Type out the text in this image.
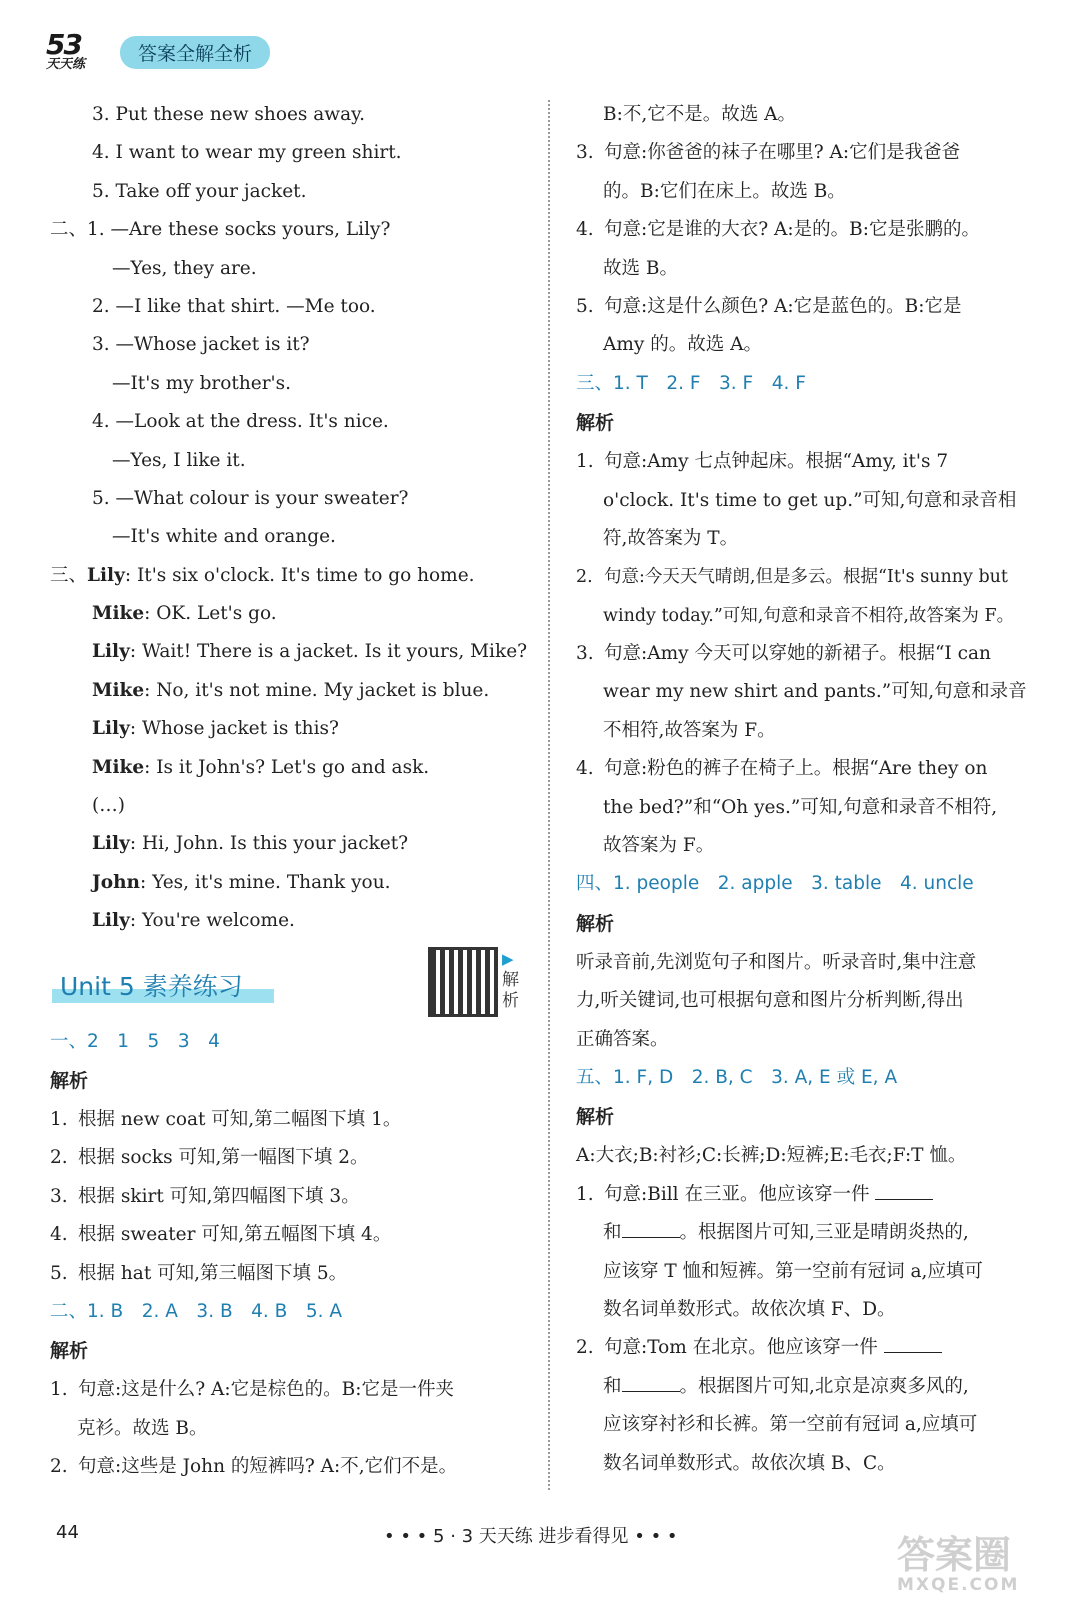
53
天天练	答案全解全析
3. Put these new shoes away.
4. I want to wear my green shirt.
5. Take off your jacket.
二、1. —Are these socks yours, Lily?
—Yes, they are.
2. —I like that shirt. —Me too.
3. —Whose jacket is it?
—It's my brother's.
4. —Look at the dress. It's nice.
—Yes, I like it.
5. —What colour is your sweater?
—It's white and orange.
三、Lily: It's six o'clock. It's time to go home.
Mike: OK. Let's go.
Lily: Wait! There is a jacket. Is it yours, Mike?
Mike: No, it's not mine. My jacket is blue.
Lily: Whose jacket is this?
Mike: Is it John's? Let's go and ask.
(…)
Lily: Hi, John. Is this your jacket?
John: Yes, it's mine. Thank you.
Lily: You're welcome.
Unit 5 素养练习
▶解析
一、2　1　5　3　4
解析
1. 根据 new coat 可知,第二幅图下填 1。
2. 根据 socks 可知,第一幅图下填 2。
3. 根据 skirt 可知,第四幅图下填 3。
4. 根据 sweater 可知,第五幅图下填 4。
5. 根据 hat 可知,第三幅图下填 5。
二、1. B　2. A　3. B　4. B　5. A
解析
1. 句意:这是什么? A:它是棕色的。B:它是一件夹
克衫。故选 B。
2. 句意:这些是 John 的短裤吗? A:不,它们不是。
B:不,它不是。故选 A。
3. 句意:你爸爸的袜子在哪里? A:它们是我爸爸
的。B:它们在床上。故选 B。
4. 句意:它是谁的大衣? A:是的。B:它是张鹏的。
故选 B。
5. 句意:这是什么颜色? A:它是蓝色的。B:它是
Amy 的。故选 A。
三、1. T　2. F　3. F　4. F
解析
1. 句意:Amy 七点钟起床。根据“Amy, it's 7
o'clock. It's time to get up.”可知,句意和录音相
符,故答案为 T。
2. 句意:今天天气晴朗,但是多云。根据“It's sunny but
windy today.”可知,句意和录音不相符,故答案为 F。
3. 句意:Amy 今天可以穿她的新裙子。根据“I can
wear my new shirt and pants.”可知,句意和录音
不相符,故答案为 F。
4. 句意:粉色的裤子在椅子上。根据“Are they on
the bed?”和“Oh yes.”可知,句意和录音不相符,
故答案为 F。
四、1. people　2. apple　3. table　4. uncle
解析
听录音前,先浏览句子和图片。听录音时,集中注意
力,听关键词,也可根据句意和图片分析判断,得出
正确答案。
五、1. F, D　2. B, C　3. A, E 或 E, A
解析
A:大衣;B:衬衫;C:长裤;D:短裤;E:毛衣;F:T 恤。
1. 句意:Bill 在三亚。他应该穿一件
和	。根据图片可知,三亚是晴朗炎热的,
应该穿 T 恤和短裤。第一空前有冠词 a,应填可
数名词单数形式。故依次填 F、D。
2. 句意:Tom 在北京。他应该穿一件
和	。根据图片可知,北京是凉爽多风的,
应该穿衬衫和长裤。第一空前有冠词 a,应填可
数名词单数形式。故依次填 B、C。
44	• • • 5 · 3 天天练 进步看得见 • • •	答案圈
MXQE.COM
